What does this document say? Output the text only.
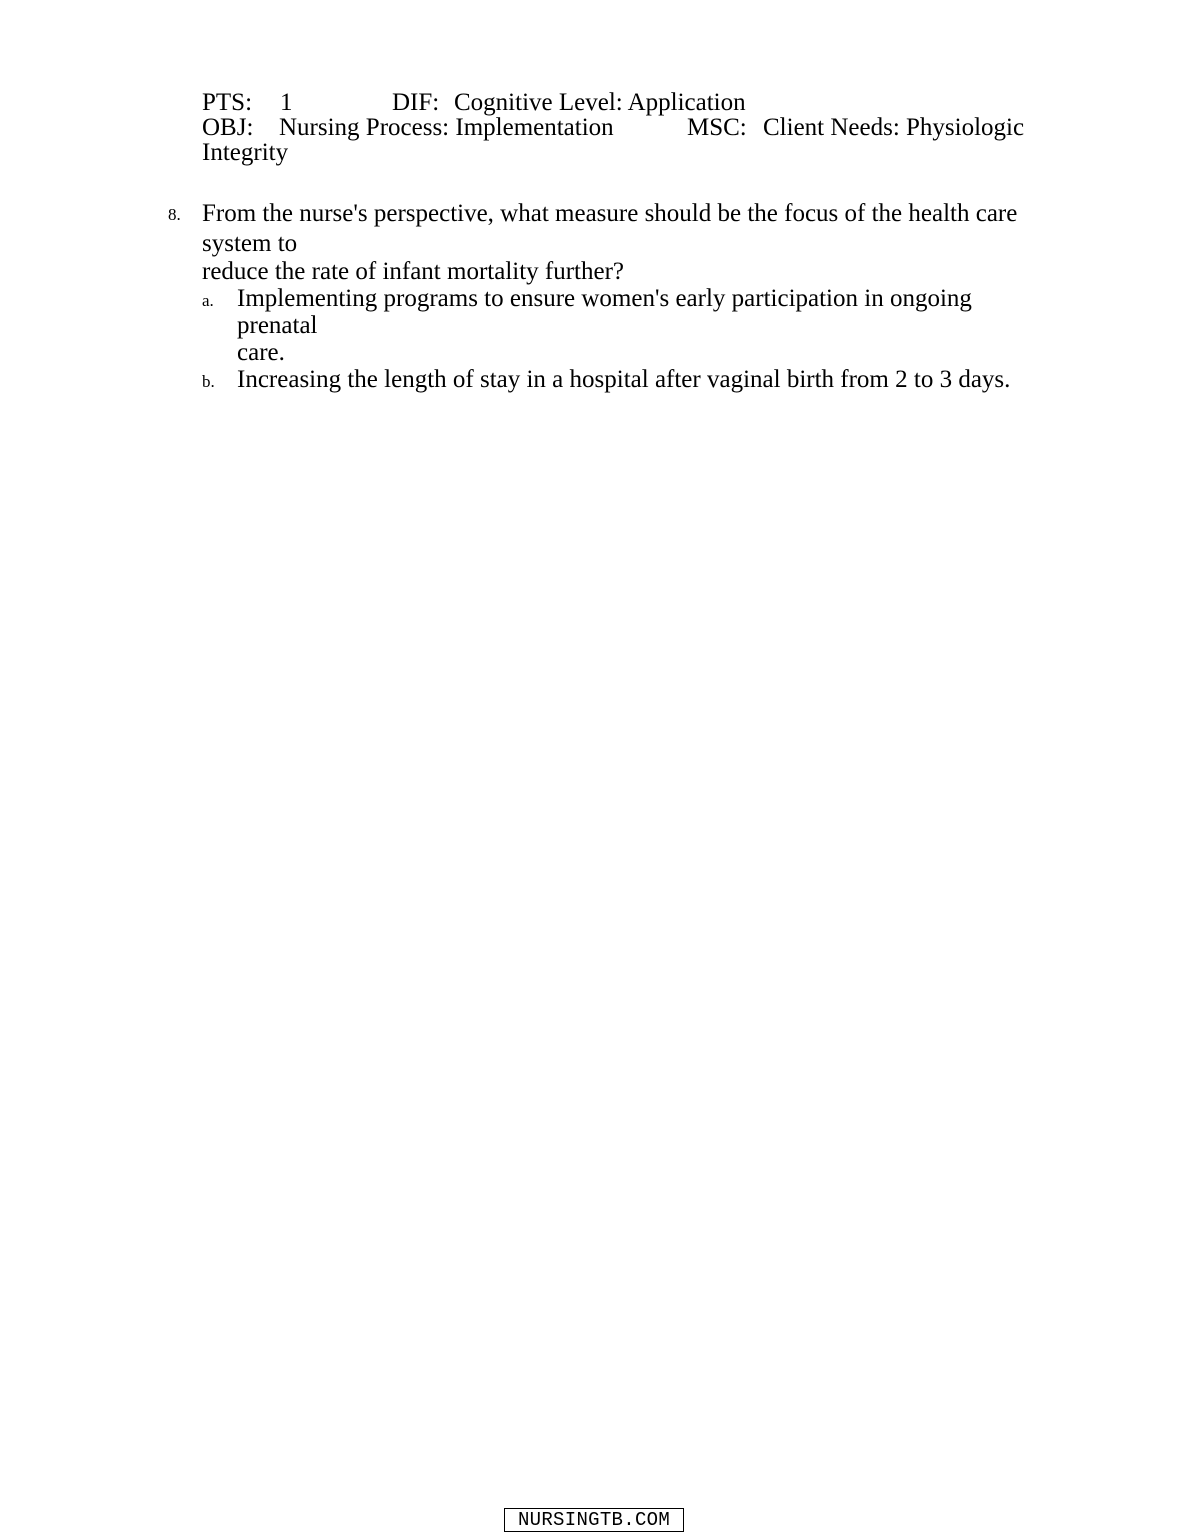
PTS: 1	DIF: Cognitive Level: Application
OBJ: Nursing Process: Implementation	MSC: Client Needs: Physiologic
Integrity
8. From the nurse's perspective, what measure should be the focus of the health care
system to
reduce the rate of infant mortality further?
a. Implementing programs to ensure women's early participation in ongoing
prenatal
care.
b. Increasing the length of stay in a hospital after vaginal birth from 2 to 3 days.
NURSINGTB.COM
